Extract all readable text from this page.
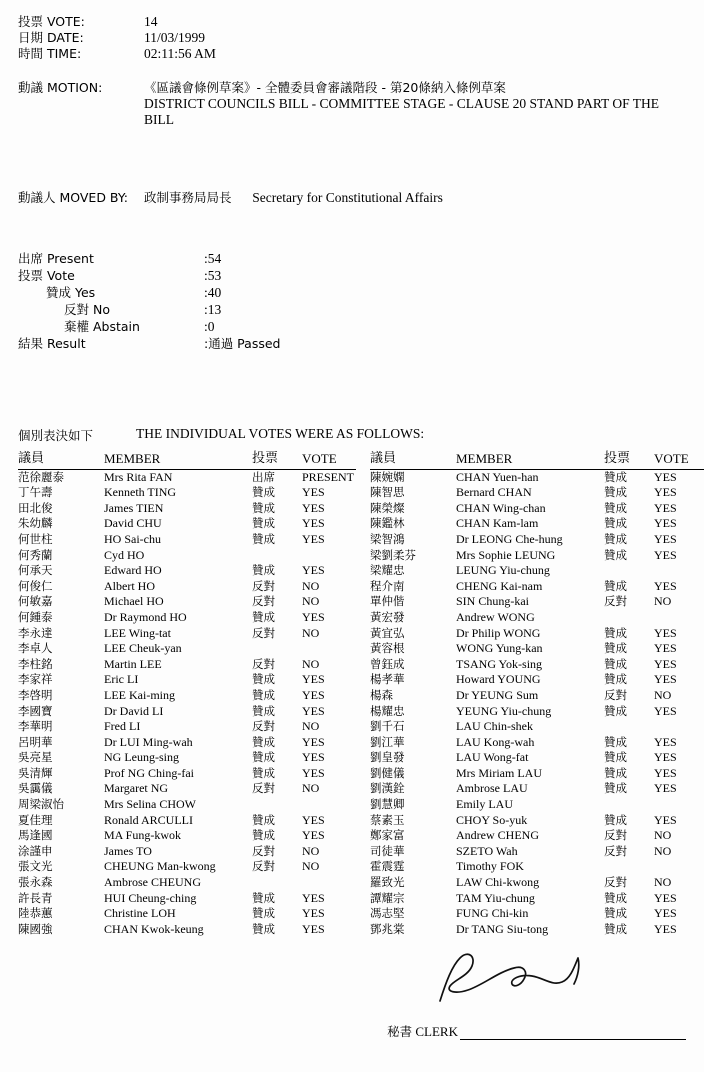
投票 VOTE:	14
日期 DATE:	11/03/1999
時間 TIME:	02:11:56 AM
動議 MOTION:	《區議會條例草案》- 全體委員會審議階段 - 第20條納入條例草案
DISTRICT COUNCILS BILL - COMMITTEE STAGE - CLAUSE 20 STAND PART OF THE
BILL
動議人 MOVED BY:	政制事務局局長 Secretary for Constitutional Affairs
出席 Present	:54
投票 Vote	:53
贊成 Yes	:40
反對 No	:13
棄權 Abstain	:0
結果 Result	:通過 Passed
個別表決如下	THE INDIVIDUAL VOTES WERE AS FOLLOWS:
議員	MEMBER	投票	VOTE
范徐麗泰	Mrs Rita FAN	出席	PRESENT
丁午壽	Kenneth TING	贊成	YES
田北俊	James TIEN	贊成	YES
朱幼麟	David CHU	贊成	YES
何世柱	HO Sai-chu	贊成	YES
何秀蘭	Cyd HO		
何承天	Edward HO	贊成	YES
何俊仁	Albert HO	反對	NO
何敏嘉	Michael HO	反對	NO
何鍾泰	Dr Raymond HO	贊成	YES
李永達	LEE Wing-tat	反對	NO
李卓人	LEE Cheuk-yan		
李柱銘	Martin LEE	反對	NO
李家祥	Eric LI	贊成	YES
李啓明	LEE Kai-ming	贊成	YES
李國寶	Dr David LI	贊成	YES
李華明	Fred LI	反對	NO
呂明華	Dr LUI Ming-wah	贊成	YES
吳亮星	NG Leung-sing	贊成	YES
吳清輝	Prof NG Ching-fai	贊成	YES
吳靄儀	Margaret NG	反對	NO
周梁淑怡	Mrs Selina CHOW		
夏佳理	Ronald ARCULLI	贊成	YES
馬逢國	MA Fung-kwok	贊成	YES
涂謹申	James TO	反對	NO
張文光	CHEUNG Man-kwong	反對	NO
張永森	Ambrose CHEUNG		
許長青	HUI Cheung-ching	贊成	YES
陸恭蕙	Christine LOH	贊成	YES
陳國強	CHAN Kwok-keung	贊成	YES
議員	MEMBER	投票	VOTE
陳婉嫻	CHAN Yuen-han	贊成	YES
陳智思	Bernard CHAN	贊成	YES
陳榮燦	CHAN Wing-chan	贊成	YES
陳鑑林	CHAN Kam-lam	贊成	YES
梁智鴻	Dr LEONG Che-hung	贊成	YES
梁劉柔芬	Mrs Sophie LEUNG	贊成	YES
梁耀忠	LEUNG Yiu-chung		
程介南	CHENG Kai-nam	贊成	YES
單仲偕	SIN Chung-kai	反對	NO
黃宏發	Andrew WONG		
黃宜弘	Dr Philip WONG	贊成	YES
黃容根	WONG Yung-kan	贊成	YES
曾鈺成	TSANG Yok-sing	贊成	YES
楊孝華	Howard YOUNG	贊成	YES
楊森	Dr YEUNG Sum	反對	NO
楊耀忠	YEUNG Yiu-chung	贊成	YES
劉千石	LAU Chin-shek		
劉江華	LAU Kong-wah	贊成	YES
劉皇發	LAU Wong-fat	贊成	YES
劉健儀	Mrs Miriam LAU	贊成	YES
劉漢銓	Ambrose LAU	贊成	YES
劉慧卿	Emily LAU		
蔡素玉	CHOY So-yuk	贊成	YES
鄭家富	Andrew CHENG	反對	NO
司徒華	SZETO Wah	反對	NO
霍震霆	Timothy FOK		
羅致光	LAW Chi-kwong	反對	NO
譚耀宗	TAM Yiu-chung	贊成	YES
馮志堅	FUNG Chi-kin	贊成	YES
鄧兆棠	Dr TANG Siu-tong	贊成	YES
秘書 CLERK
